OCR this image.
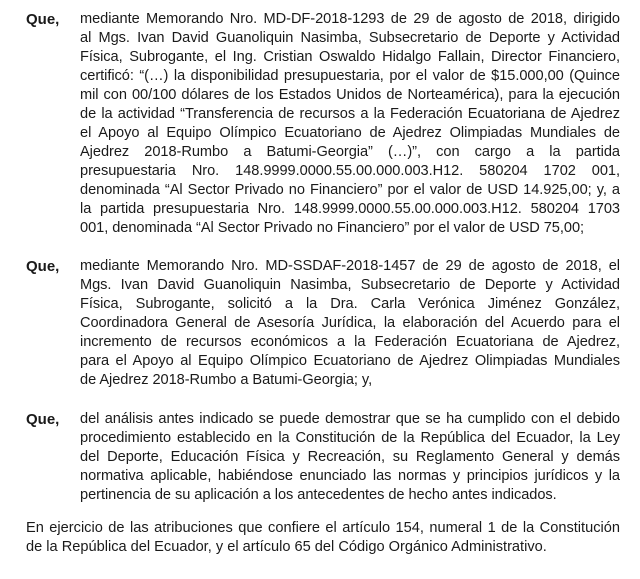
Que, mediante Memorando Nro. MD-DF-2018-1293 de 29 de agosto de 2018, dirigido
al Mgs. Ivan David Guanoliquin Nasimba, Subsecretario de Deporte y Actividad
Física, Subrogante, el Ing. Cristian Oswaldo Hidalgo Fallain, Director Financiero,
certificó: “(…) la disponibilidad presupuestaria, por el valor de $15.000,00 (Quince
mil con 00/100 dólares de los Estados Unidos de Norteamérica), para la ejecución
de la actividad “Transferencia de recursos a la Federación Ecuatoriana de Ajedrez
el Apoyo al Equipo Olímpico Ecuatoriano de Ajedrez Olimpiadas Mundiales de
Ajedrez 2018-Rumbo a Batumi-Georgia” (…)”, con cargo a la partida
presupuestaria Nro. 148.9999.0000.55.00.000.003.H12. 580204 1702 001,
denominada “Al Sector Privado no Financiero” por el valor de USD 14.925,00; y, a
la partida presupuestaria Nro. 148.9999.0000.55.00.000.003.H12. 580204 1703
001, denominada “Al Sector Privado no Financiero” por el valor de USD 75,00;
Que, mediante Memorando Nro. MD-SSDAF-2018-1457 de 29 de agosto de 2018, el
Mgs. Ivan David Guanoliquin Nasimba, Subsecretario de Deporte y Actividad
Física, Subrogante, solicitó a la Dra. Carla Verónica Jiménez González,
Coordinadora General de Asesoría Jurídica, la elaboración del Acuerdo para el
incremento de recursos económicos a la Federación Ecuatoriana de Ajedrez,
para el Apoyo al Equipo Olímpico Ecuatoriano de Ajedrez Olimpiadas Mundiales
de Ajedrez 2018-Rumbo a Batumi-Georgia; y,
Que, del análisis antes indicado se puede demostrar que se ha cumplido con el debido
procedimiento establecido en la Constitución de la República del Ecuador, la Ley
del Deporte, Educación Física y Recreación, su Reglamento General y demás
normativa aplicable, habiéndose enunciado las normas y principios jurídicos y la
pertinencia de su aplicación a los antecedentes de hecho antes indicados.
En ejercicio de las atribuciones que confiere el artículo 154, numeral 1 de la Constitución
de la República del Ecuador, y el artículo 65 del Código Orgánico Administrativo.
